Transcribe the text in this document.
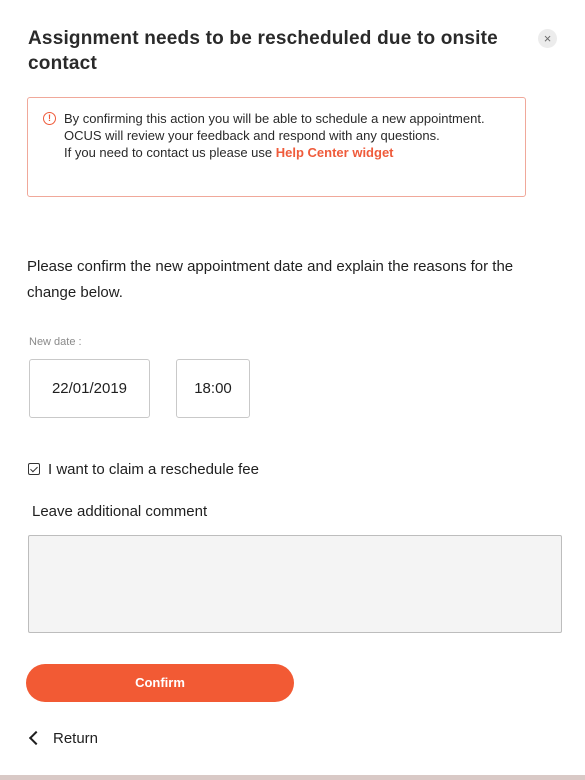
Assignment needs to be rescheduled due to onsite contact
×
!	By confirming this action you will be able to schedule a new appointment.
OCUS will review your feedback and respond with any questions.
If you need to contact us please use Help Center widget
Please confirm the new appointment date and explain the reasons for the change below.
New date :
22/01/2019	18:00
I want to claim a reschedule fee
Leave additional comment
Confirm
Return
